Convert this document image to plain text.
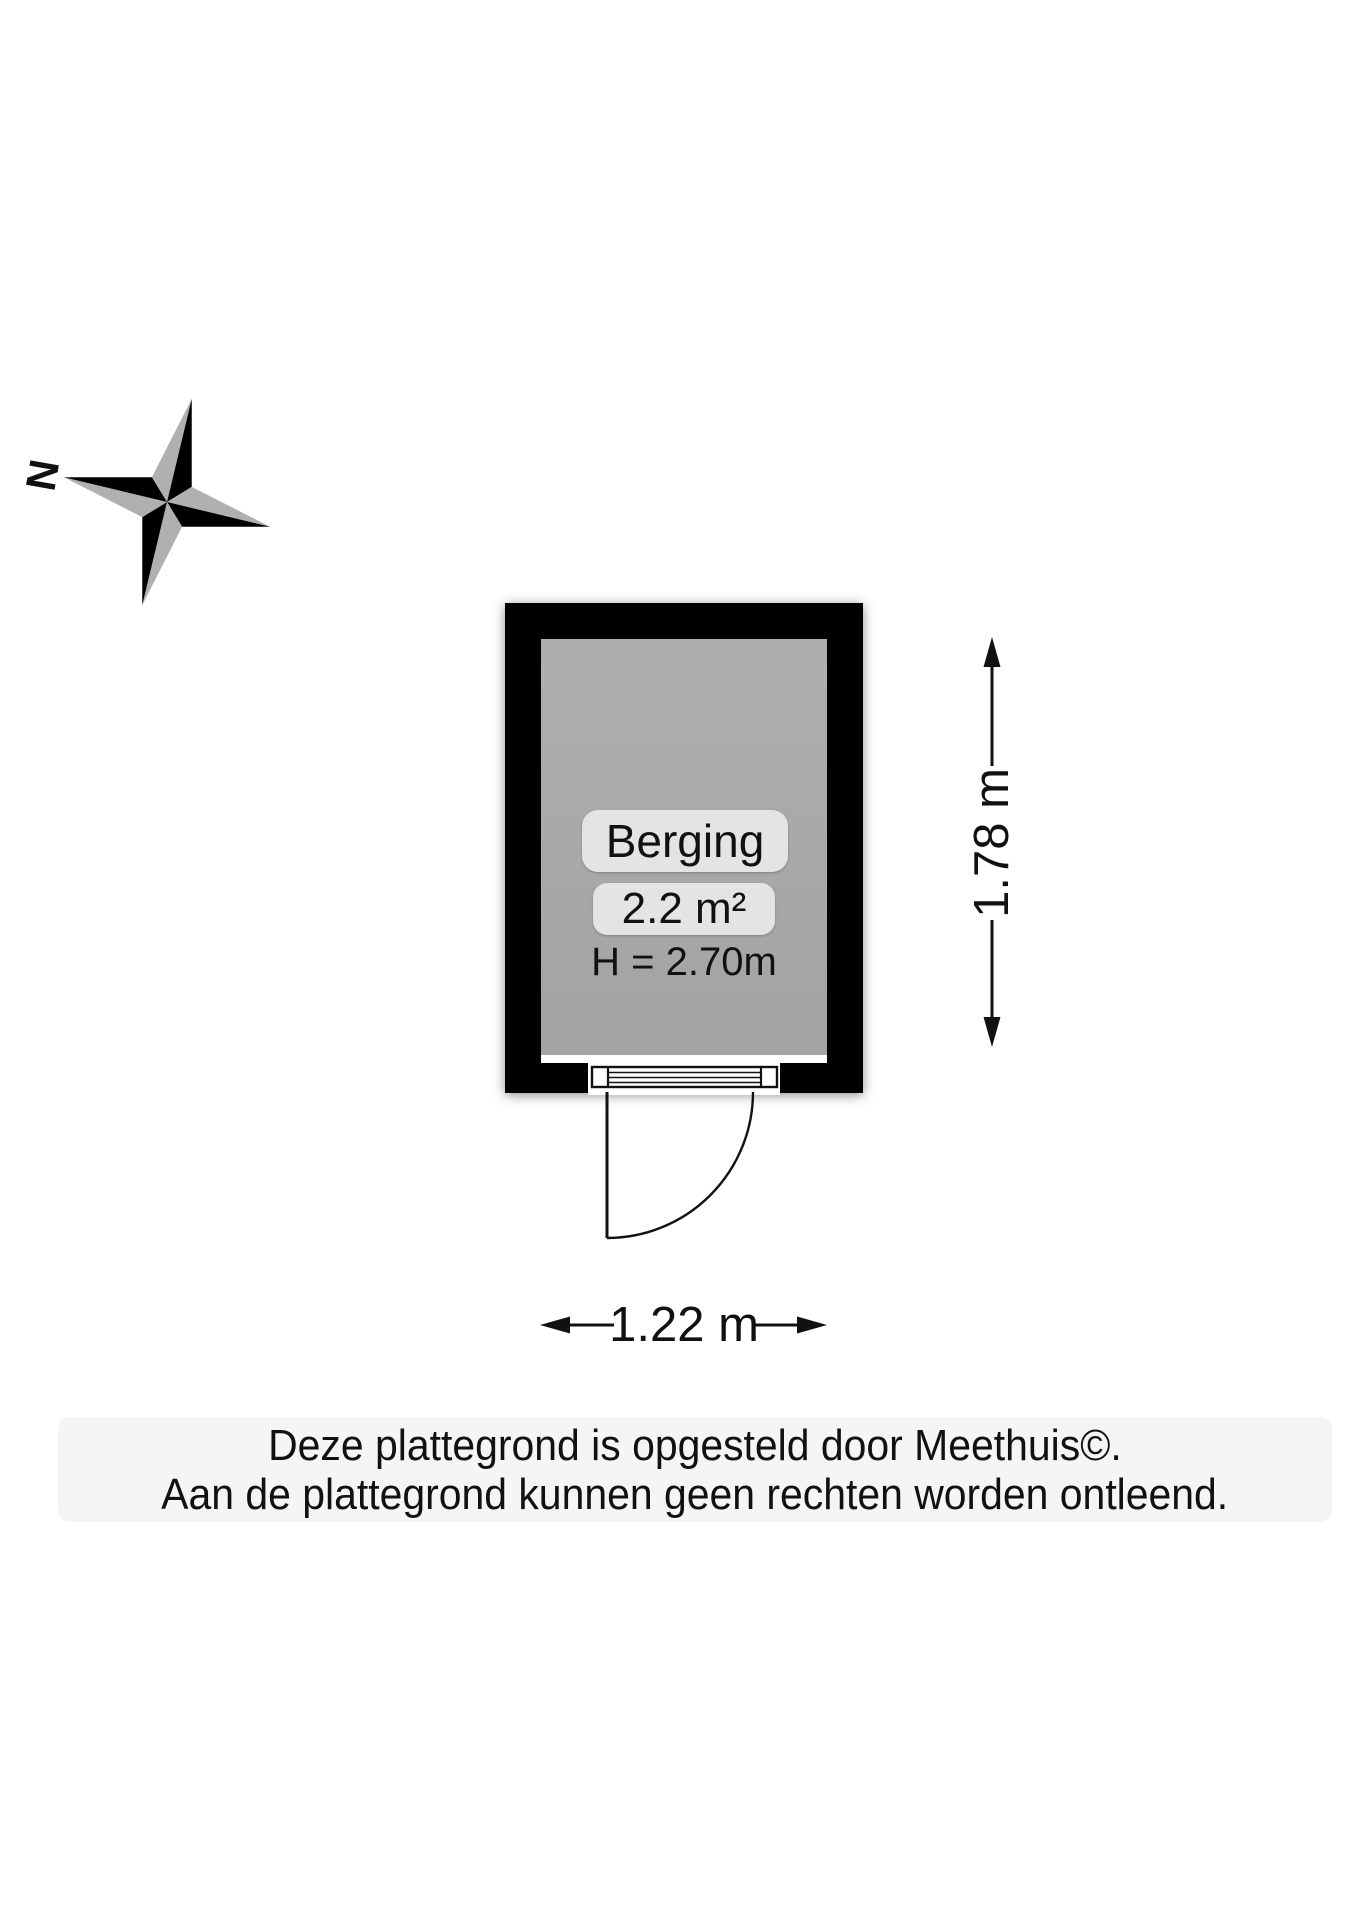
N
Berging
2.2 m²
H = 2.70m
1.22 m
1.78 m
Deze plattegrond is opgesteld door Meethuis©.
Aan de plattegrond kunnen geen rechten worden ontleend.
